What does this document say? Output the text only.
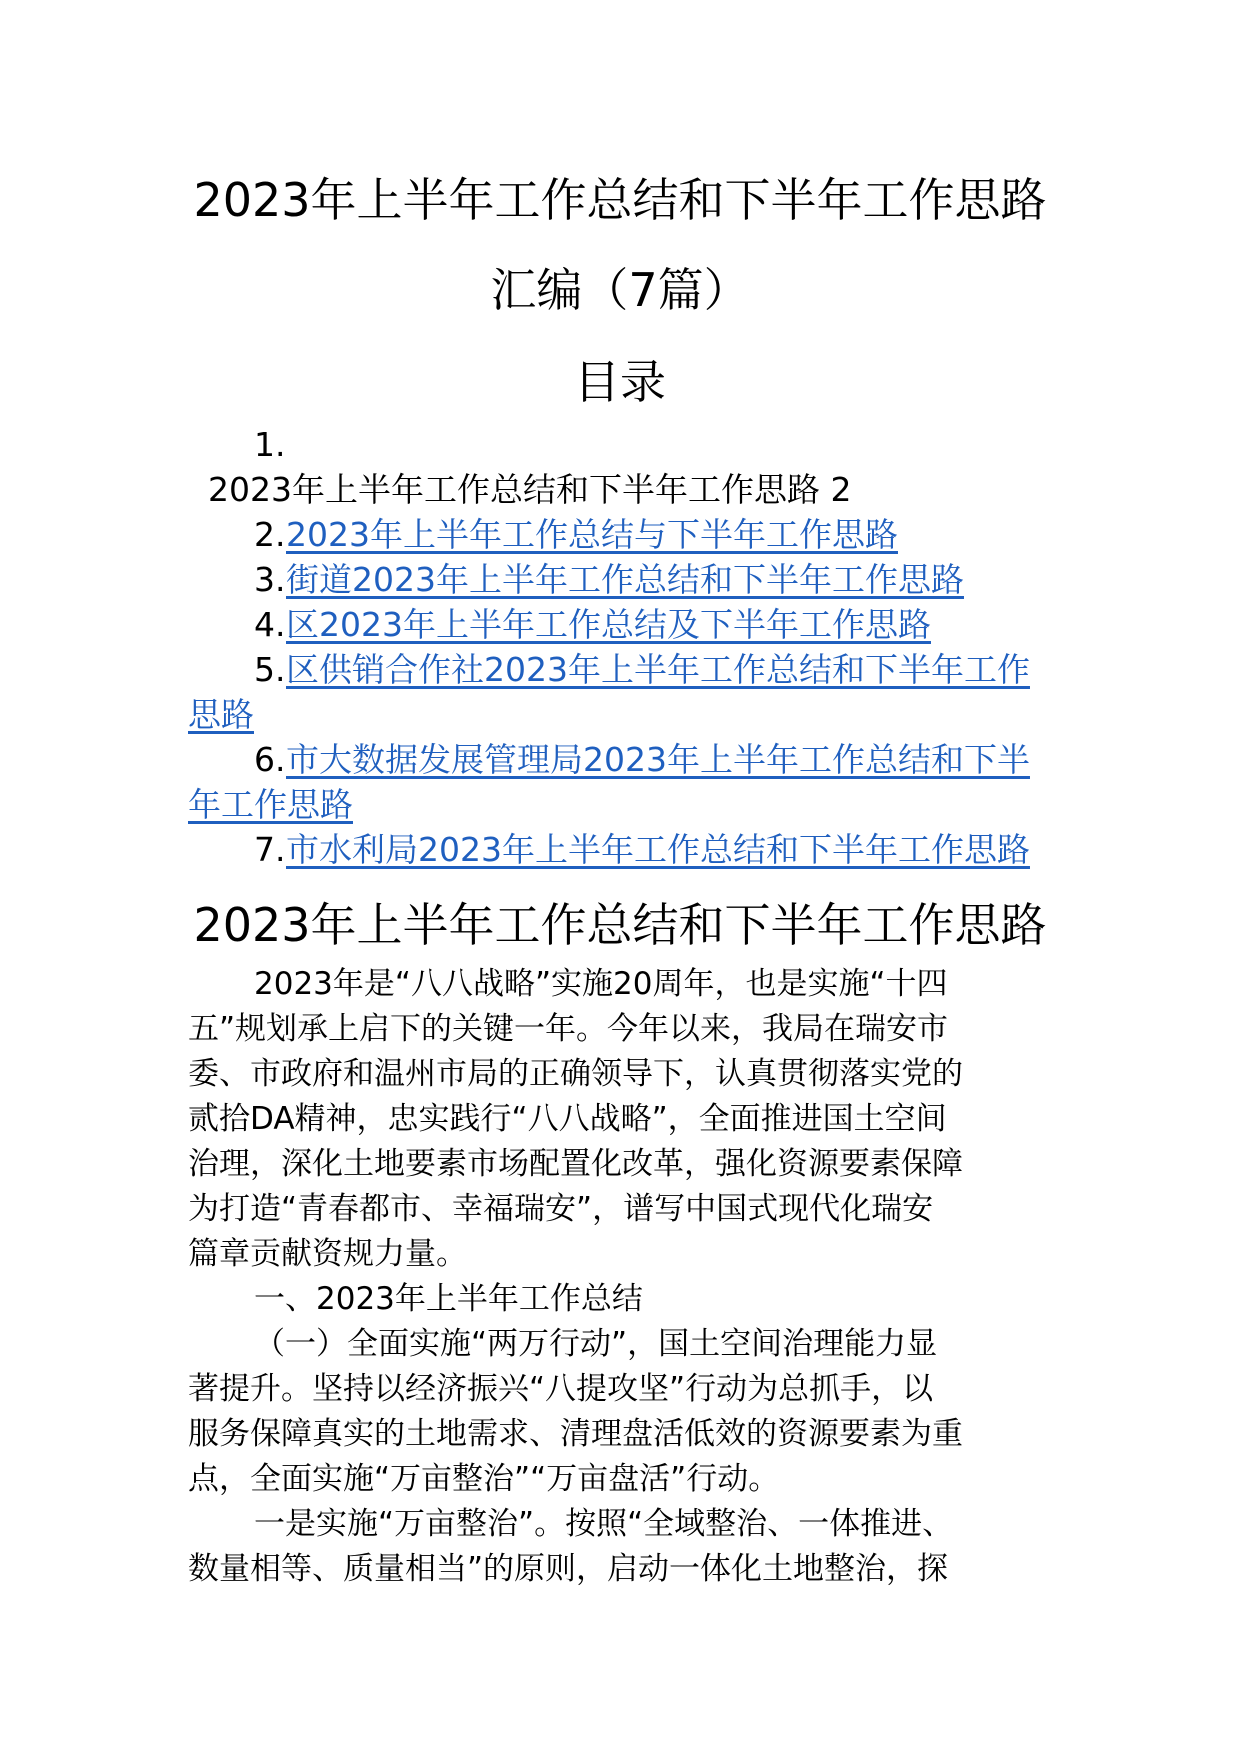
2023年上半年工作总结和下半年工作思路
汇编（7篇）
目录
1.
2023年上半年工作总结和下半年工作思路 2
2. 2023年上半年工作总结与下半年工作思路
3. 街道2023年上半年工作总结和下半年工作思路
4. 区2023年上半年工作总结及下半年工作思路
5. 区供销合作社2023年上半年工作总结和下半年工作
思路
6. 市大数据发展管理局2023年上半年工作总结和下半
年工作思路
7. 市水利局2023年上半年工作总结和下半年工作思路
2023年上半年工作总结和下半年工作思路

2023年是“八八战略”实施20周年，也是实施“十四

五”规划承上启下的关键一年。今年以来，我局在瑞安市

委、市政府和温州市局的正确领导下，认真贯彻落实党的

贰拾DA精神，忠实践行“八八战略”，全面推进国土空间

治理，深化土地要素市场配置化改革，强化资源要素保障

为打造“青春都市、幸福瑞安”，谱写中国式现代化瑞安

篇章贡献资规力量。

一、2023年上半年工作总结

（一）全面实施“两万行动”，国土空间治理能力显

著提升。坚持以经济振兴“八提攻坚”行动为总抓手，以

服务保障真实的土地需求、清理盘活低效的资源要素为重

点，全面实施“万亩整治”“万亩盘活”行动。

一是实施“万亩整治”。按照“全域整治、一体推进、

数量相等、质量相当”的原则，启动一体化土地整治，探
